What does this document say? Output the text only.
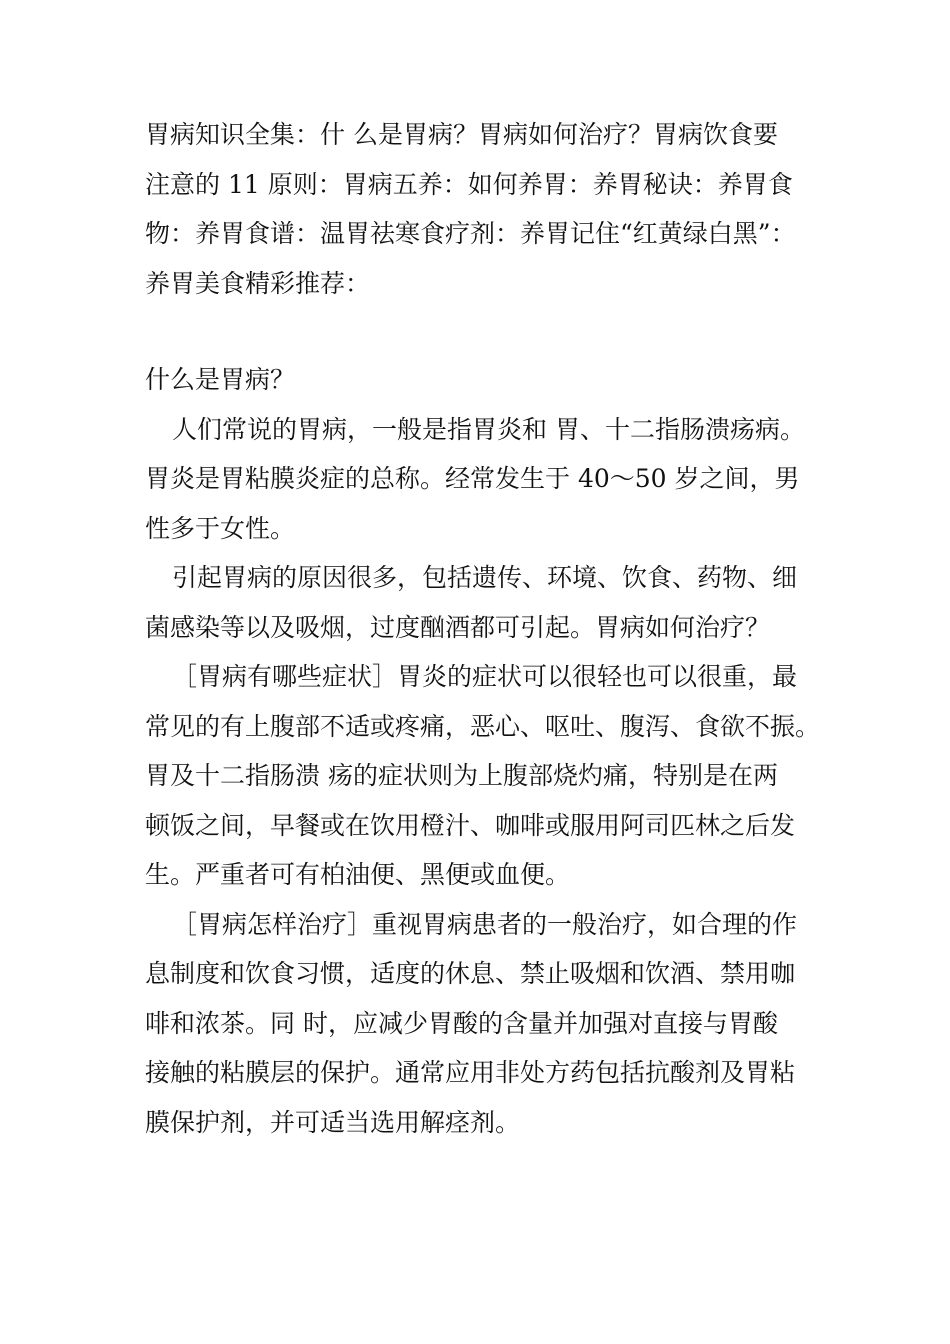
胃病知识全集：什 么是胃病？胃病如何治疗？胃病饮食要
注意的 11 原则：胃病五养：如何养胃：养胃秘诀：养胃食
物：养胃食谱：温胃祛寒食疗剂：养胃记住“红黄绿白黑”：
养胃美食精彩推荐：
什么是胃病？
人们常说的胃病，一般是指胃炎和 胃、十二指肠溃疡病。
胃炎是胃粘膜炎症的总称。经常发生于 40～50 岁之间，男
性多于女性。
引起胃病的原因很多，包括遗传、环境、饮食、药物、细
菌感染等以及吸烟，过度酗酒都可引起。胃病如何治疗？
［胃病有哪些症状］胃炎的症状可以很轻也可以很重，最
常见的有上腹部不适或疼痛，恶心、呕吐、腹泻、食欲不振。
胃及十二指肠溃 疡的症状则为上腹部烧灼痛，特别是在两
顿饭之间，早餐或在饮用橙汁、咖啡或服用阿司匹林之后发
生。严重者可有柏油便、黑便或血便。
［胃病怎样治疗］重视胃病患者的一般治疗，如合理的作
息制度和饮食习惯，适度的休息、禁止吸烟和饮酒、禁用咖
啡和浓茶。同 时，应减少胃酸的含量并加强对直接与胃酸
接触的粘膜层的保护。通常应用非处方药包括抗酸剂及胃粘
膜保护剂，并可适当选用解痉剂。
